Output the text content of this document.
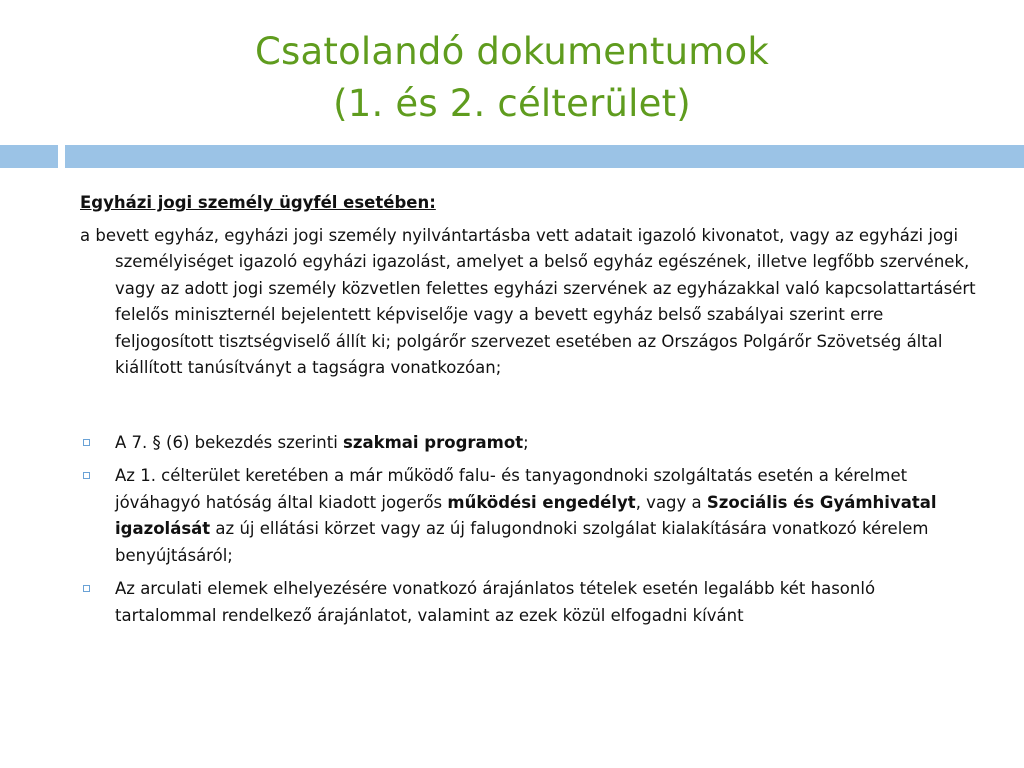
Csatolandó dokumentumok
(1. és 2. célterület)

Egyházi jogi személy ügyfél esetében:

a bevett egyház, egyházi jogi személy nyilvántartásba vett adatait igazoló kivonatot, vagy az egyházi jogi személyiséget igazoló egyházi igazolást, amelyet a belső egyház egészének, illetve legfőbb szervének, vagy az adott jogi személy közvetlen felettes egyházi szervének az egyházakkal való kapcsolattartásért felelős miniszternél bejelentett képviselője vagy a bevett egyház belső szabályai szerint erre feljogosított tisztségviselő állít ki; polgárőr szervezet esetében az Országos Polgárőr Szövetség által kiállított tanúsítványt a tagságra vonatkozóan;

A 7. § (6) bekezdés szerinti szakmai programot;
Az 1. célterület keretében a már működő falu- és tanyagondnoki szolgáltatás esetén a kérelmet jóváhagyó hatóság által kiadott jogerős működési engedélyt, vagy a Szociális és Gyámhivatal igazolását az új ellátási körzet vagy az új falugondnoki szolgálat kialakítására vonatkozó kérelem benyújtásáról;
Az arculati elemek elhelyezésére vonatkozó árajánlatos tételek esetén legalább két hasonló tartalommal rendelkező árajánlatot, valamint az ezek közül elfogadni kívánt
